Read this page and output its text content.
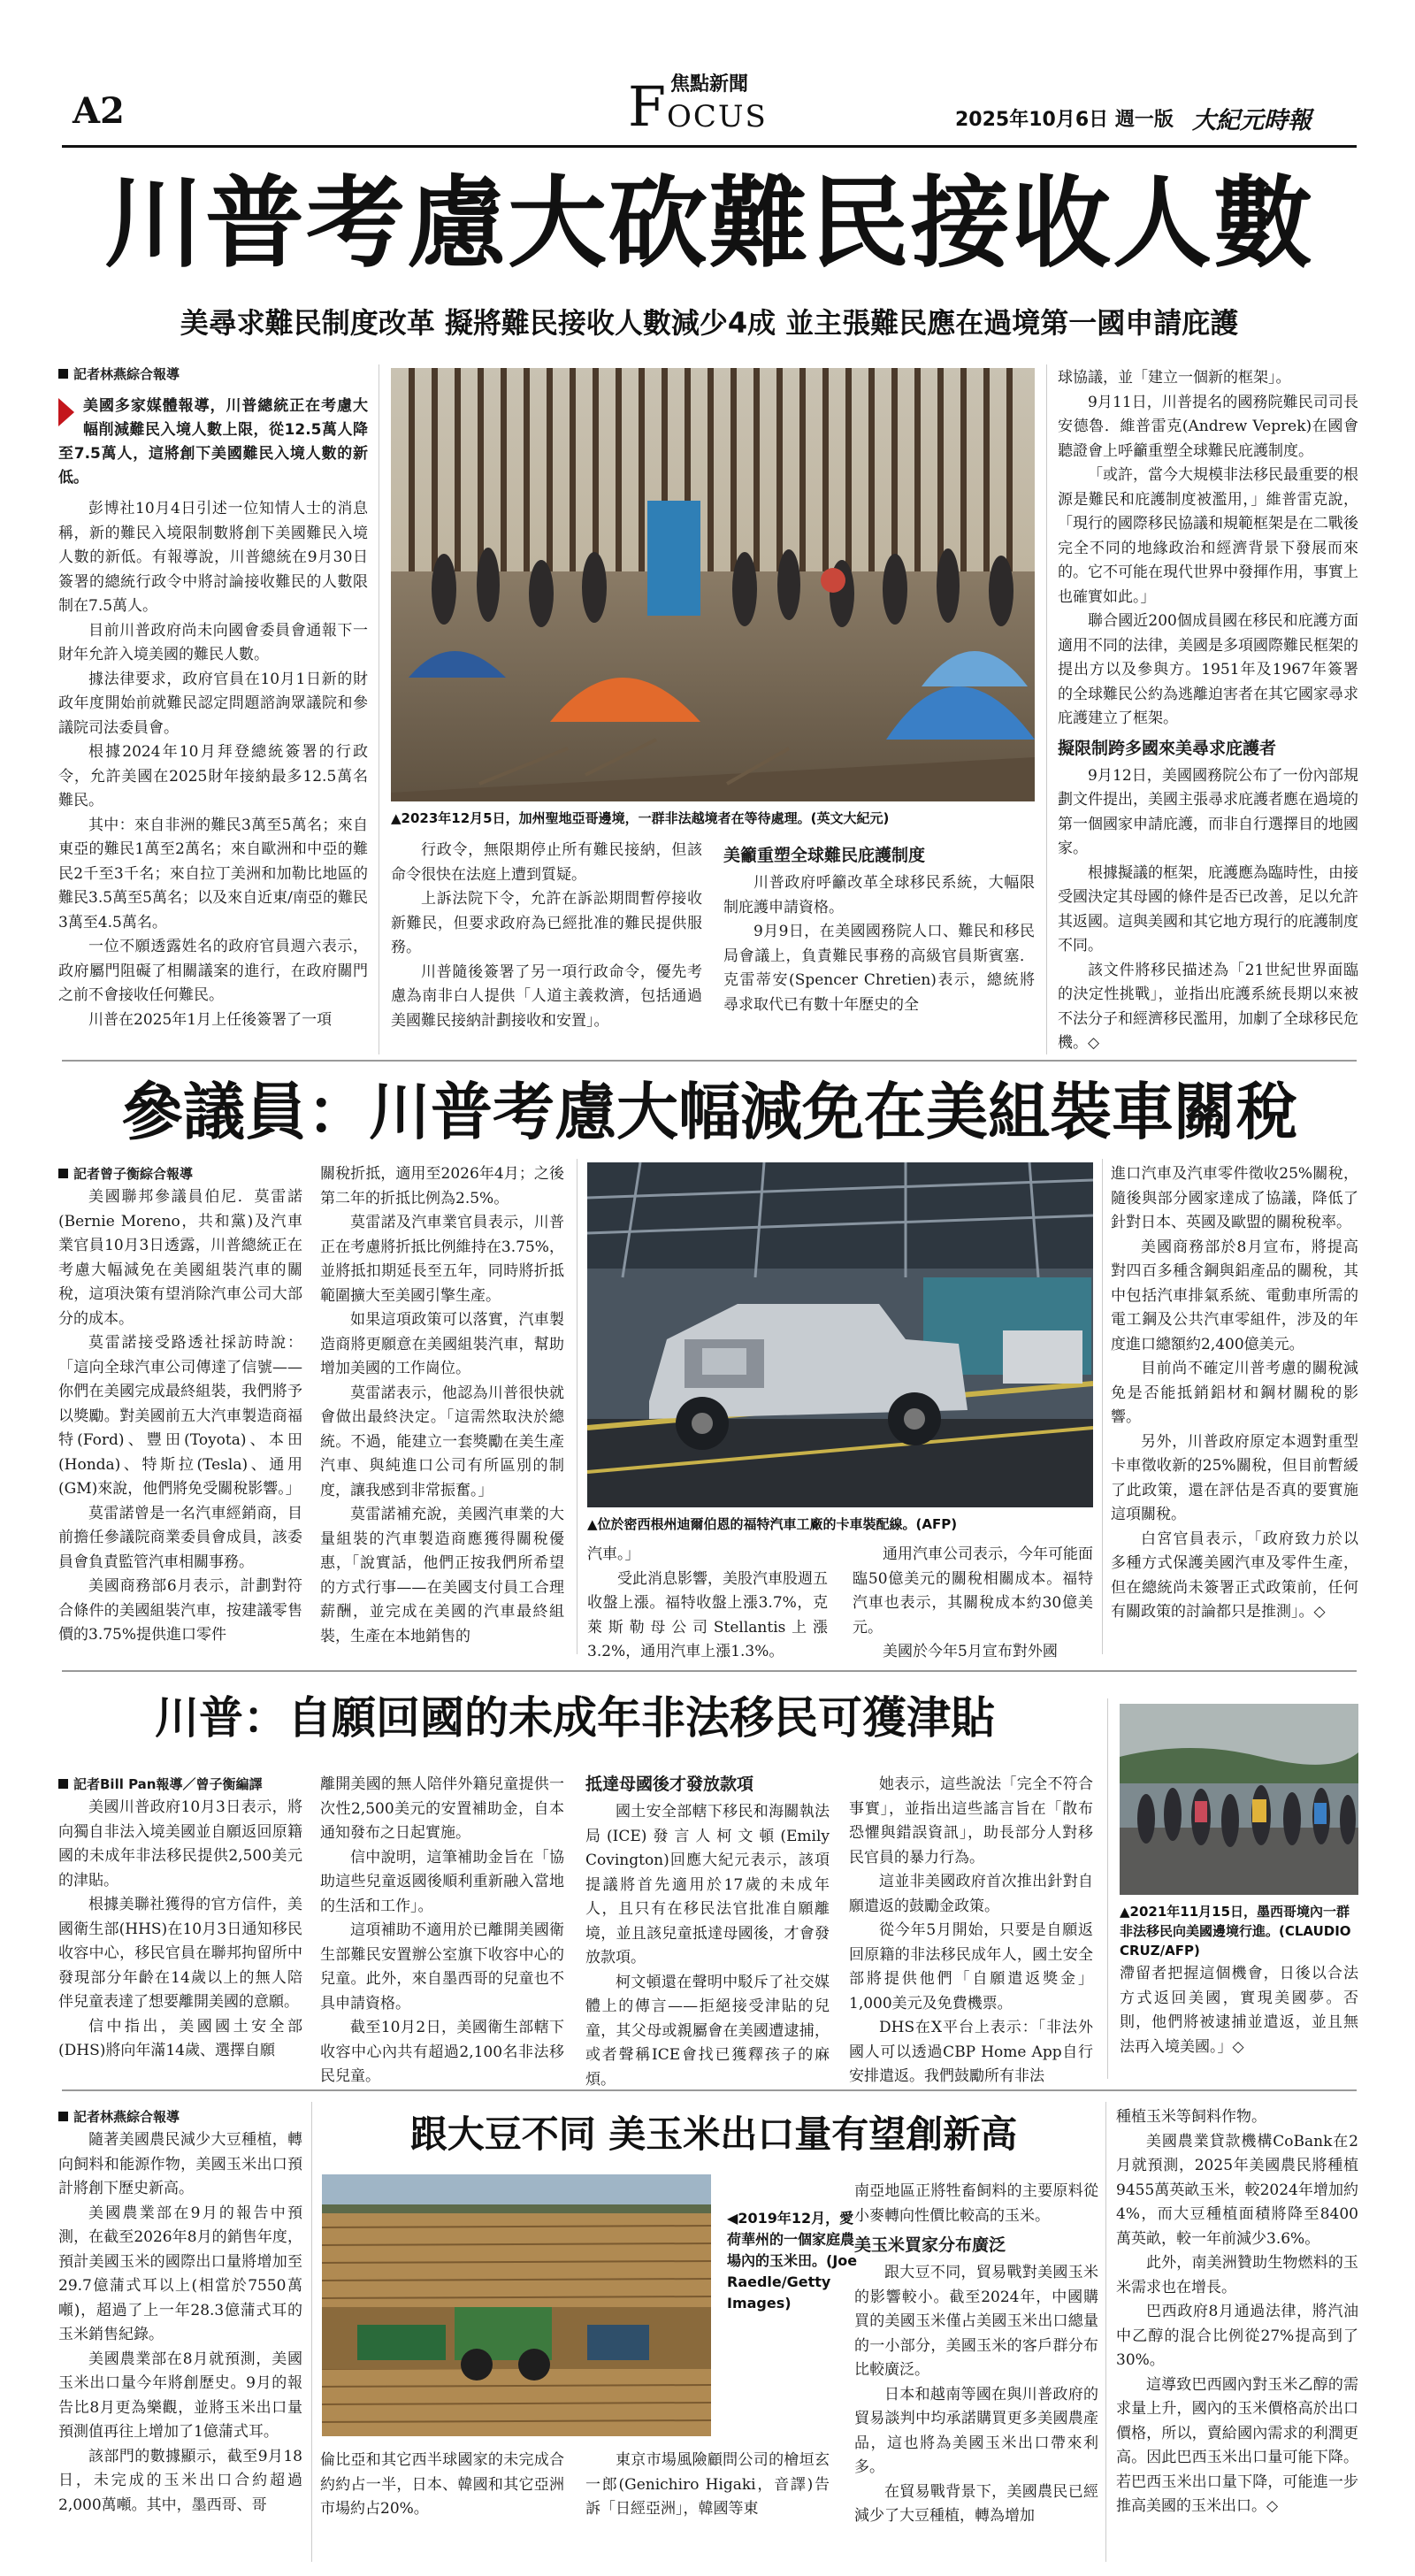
A2
焦點新聞
F OCUS	2025年10月6日 週一版 大紀元時報
川普考慮大砍難民接收人數
美尋求難民制度改革 擬將難民接收人數減少4成 並主張難民應在過境第一國申請庇護
記者林燕綜合報導
美國多家媒體報導，川普總統正在考慮大幅削減難民入境人數上限，從12.5萬人降至7.5萬人，這將創下美國難民入境人數的新低。

彭博社10月4日引述一位知情人士的消息稱，新的難民入境限制數將創下美國難民入境人數的新低。有報導說，川普總統在9月30日簽署的總統行政令中將討論接收難民的人數限制在7.5萬人。

目前川普政府尚未向國會委員會通報下一財年允許入境美國的難民人數。

據法律要求，政府官員在10月1日新的財政年度開始前就難民認定問題諮詢眾議院和參議院司法委員會。

根據2024年10月拜登總統簽署的行政令，允許美國在2025財年接納最多12.5萬名難民。

其中：來自非洲的難民3萬至5萬名；來自東亞的難民1萬至2萬名；來自歐洲和中亞的難民2千至3千名；來自拉丁美洲和加勒比地區的難民3.5萬至5萬名；以及來自近東/南亞的難民3萬至4.5萬名。

一位不願透露姓名的政府官員週六表示，政府屬門阻礙了相關議案的進行，在政府關門之前不會接收任何難民。

川普在2025年1月上任後簽署了一項

▲2023年12月5日，加州聖地亞哥邊境，一群非法越境者在等待處理。(英文大紀元)

行政令，無限期停止所有難民接納，但該命令很快在法庭上遭到質疑。

上訴法院下令，允許在訴訟期間暫停接收新難民，但要求政府為已經批准的難民提供服務。

川普隨後簽署了另一項行政命令，優先考慮為南非白人提供「人道主義救濟，包括通過美國難民接納計劃接收和安置」。

美籲重塑全球難民庇護制度

川普政府呼籲改革全球移民系統，大幅限制庇護申請資格。

9月9日，在美國國務院人口、難民和移民局會議上，負責難民事務的高級官員斯賓塞．克雷蒂安(Spencer Chretien)表示，總統將尋求取代已有數十年歷史的全

球協議，並「建立一個新的框架」。

9月11日，川普提名的國務院難民司司長安德魯．維普雷克(Andrew Veprek)在國會聽證會上呼籲重塑全球難民庇護制度。

「或許，當今大規模非法移民最重要的根源是難民和庇護制度被濫用，」維普雷克說，「現行的國際移民協議和規範框架是在二戰後完全不同的地緣政治和經濟背景下發展而來的。它不可能在現代世界中發揮作用，事實上也確實如此。」

聯合國近200個成員國在移民和庇護方面適用不同的法律，美國是多項國際難民框架的提出方以及參與方。1951年及1967年簽署的全球難民公約為逃離迫害者在其它國家尋求庇護建立了框架。

擬限制跨多國來美尋求庇護者

9月12日，美國國務院公布了一份內部規劃文件提出，美國主張尋求庇護者應在過境的第一個國家申請庇護，而非自行選擇目的地國家。

根據擬議的框架，庇護應為臨時性，由接受國決定其母國的條件是否已改善，足以允許其返國。這與美國和其它地方現行的庇護制度不同。

該文件將移民描述為「21世紀世界面臨的決定性挑戰」，並指出庇護系統長期以來被不法分子和經濟移民濫用，加劇了全球移民危機。◇

參議員：川普考慮大幅減免在美組裝車關稅
記者曾子衡綜合報導

美國聯邦參議員伯尼．莫雷諾(Bernie Moreno，共和黨)及汽車業官員10月3日透露，川普總統正在考慮大幅減免在美國組裝汽車的關稅，這項決策有望消除汽車公司大部分的成本。

莫雷諾接受路透社採訪時說：「這向全球汽車公司傳達了信號——你們在美國完成最終組裝，我們將予以獎勵。對美國前五大汽車製造商福特(Ford)、豐田(Toyota)、本田(Honda)、特斯拉(Tesla)、通用(GM)來說，他們將免受關稅影響。」

莫雷諾曾是一名汽車經銷商，目前擔任參議院商業委員會成員，該委員會負責監管汽車相關事務。

美國商務部6月表示，計劃對符合條件的美國組裝汽車，按建議零售價的3.75%提供進口零件

關稅折抵，適用至2026年4月；之後第二年的折抵比例為2.5%。

莫雷諾及汽車業官員表示，川普正在考慮將折抵比例維持在3.75%，並將抵扣期延長至五年，同時將折抵範圍擴大至美國引擎生產。

如果這項政策可以落實，汽車製造商將更願意在美國組裝汽車，幫助增加美國的工作崗位。

莫雷諾表示，他認為川普很快就會做出最終決定。「這需然取決於總統。不過，能建立一套獎勵在美生產汽車、與純進口公司有所區別的制度，讓我感到非常振奮。」

莫雷諾補充說，美國汽車業的大量組裝的汽車製造商應獲得關稅優惠，「說實話，他們正按我們所希望的方式行事——在美國支付員工合理薪酬，並完成在美國的汽車最終組裝，生產在本地銷售的

▲位於密西根州迪爾伯恩的福特汽車工廠的卡車裝配線。(AFP)

汽車。」

受此消息影響，美股汽車股週五收盤上漲。福特收盤上漲3.7%，克萊斯勒母公司Stellantis上漲3.2%，通用汽車上漲1.3%。

通用汽車公司表示，今年可能面臨50億美元的關稅相關成本。福特汽車也表示，其關稅成本約30億美元。

美國於今年5月宣布對外國

進口汽車及汽車零件徵收25%關稅，隨後與部分國家達成了協議，降低了針對日本、英國及歐盟的關稅稅率。

美國商務部於8月宣布，將提高對四百多種含鋼與鋁產品的關稅，其中包括汽車排氣系統、電動車所需的電工鋼及公共汽車零組件，涉及的年度進口總額約2,400億美元。

目前尚不確定川普考慮的關稅減免是否能抵銷鋁材和鋼材關稅的影響。

另外，川普政府原定本週對重型卡車徵收新的25%關稅，但目前暫緩了此政策，還在評估是否真的要實施這項關稅。

白宮官員表示，「政府致力於以多種方式保護美國汽車及零件生產，但在總統尚未簽署正式政策前，任何有關政策的討論都只是推測」。◇

川普：自願回國的未成年非法移民可獲津貼
記者Bill Pan報導／曾子衡編譯

美國川普政府10月3日表示，將向獨自非法入境美國並自願返回原籍國的未成年非法移民提供2,500美元的津貼。

根據美聯社獲得的官方信件，美國衛生部(HHS)在10月3日通知移民收容中心，移民官員在聯邦拘留所中發現部分年齡在14歲以上的無人陪伴兒童表達了想要離開美國的意願。

信中指出，美國國土安全部(DHS)將向年滿14歲、選擇自願

離開美國的無人陪伴外籍兒童提供一次性2,500美元的安置補助金，自本通知發布之日起實施。

信中說明，這筆補助金旨在「協助這些兒童返國後順利重新融入當地的生活和工作」。

這項補助不適用於已離開美國衛生部難民安置辦公室旗下收容中心的兒童。此外，來自墨西哥的兒童也不具申請資格。

截至10月2日，美國衛生部轄下收容中心內共有超過2,100名非法移民兒童。

抵達母國後才發放款項

國土安全部轄下移民和海關執法局(ICE)發言人柯文頓(Emily Covington)回應大紀元表示，該項提議將首先適用於17歲的未成年人，且只有在移民法官批准自願離境，並且該兒童抵達母國後，才會發放款項。

柯文頓還在聲明中駁斥了社交媒體上的傳言——拒絕接受津貼的兒童，其父母或親屬會在美國遭逮捕，或者聲稱ICE會找已獲釋孩子的麻煩。

她表示，這些說法「完全不符合事實」，並指出這些謠言旨在「散布恐懼與錯誤資訊」，助長部分人對移民官員的暴力行為。

這並非美國政府首次推出針對自願遣返的鼓勵金政策。

從今年5月開始，只要是自願返回原籍的非法移民成年人，國土安全部將提供他們「自願遣返獎金」1,000美元及免費機票。

DHS在X平台上表示：「非法外國人可以透過CBP Home App自行安排遣返。我們鼓勵所有非法

▲2021年11月15日，墨西哥境內一群非法移民向美國邊境行進。(CLAUDIO CRUZ/AFP)

滯留者把握這個機會，日後以合法方式返回美國，實現美國夢。否則，他們將被逮捕並遣返，並且無法再入境美國。」◇

記者林燕綜合報導

隨著美國農民減少大豆種植，轉向飼料和能源作物，美國玉米出口預計將創下歷史新高。

美國農業部在9月的報告中預測，在截至2026年8月的銷售年度，預計美國玉米的國際出口量將增加至29.7億蒲式耳以上(相當於7550萬噸)，超過了上一年28.3億蒲式耳的玉米銷售紀錄。

美國農業部在8月就預測，美國玉米出口量今年將創歷史。9月的報告比8月更為樂觀，並將玉米出口量預測值再往上增加了1億蒲式耳。

該部門的數據顯示，截至9月18日，未完成的玉米出口合約超過2,000萬噸。其中，墨西哥、哥

跟大豆不同 美玉米出口量有望創新高
◀2019年12月，愛荷華州的一個家庭農場內的玉米田。(Joe Raedle/Getty Images)

倫比亞和其它西半球國家的未完成合約約占一半，日本、韓國和其它亞洲市場約占20%。

東京市場風險顧問公司的檜垣玄一郎(Genichiro Higaki，音譯)告訴「日經亞洲」，韓國等東

南亞地區正將牲畜飼料的主要原料從小麥轉向性價比較高的玉米。

美玉米買家分布廣泛

跟大豆不同，貿易戰對美國玉米的影響較小。截至2024年，中國購買的美國玉米僅占美國玉米出口總量的一小部分，美國玉米的客戶群分布比較廣泛。

日本和越南等國在與川普政府的貿易談判中均承諾購買更多美國農產品，這也將為美國玉米出口帶來利多。

在貿易戰背景下，美國農民已經減少了大豆種植，轉為增加

種植玉米等飼料作物。

美國農業貸款機構CoBank在2月就預測，2025年美國農民將種植9455萬英畝玉米，較2024年增加約4%，而大豆種植面積將降至8400萬英畝，較一年前減少3.6%。

此外，南美洲贊助生物燃料的玉米需求也在增長。

巴西政府8月通過法律，將汽油中乙醇的混合比例從27%提高到了30%。

這導致巴西國內對玉米乙醇的需求量上升，國內的玉米價格高於出口價格，所以，賣給國內需求的利潤更高。因此巴西玉米出口量可能下降。若巴西玉米出口量下降，可能進一步推高美國的玉米出口。◇
